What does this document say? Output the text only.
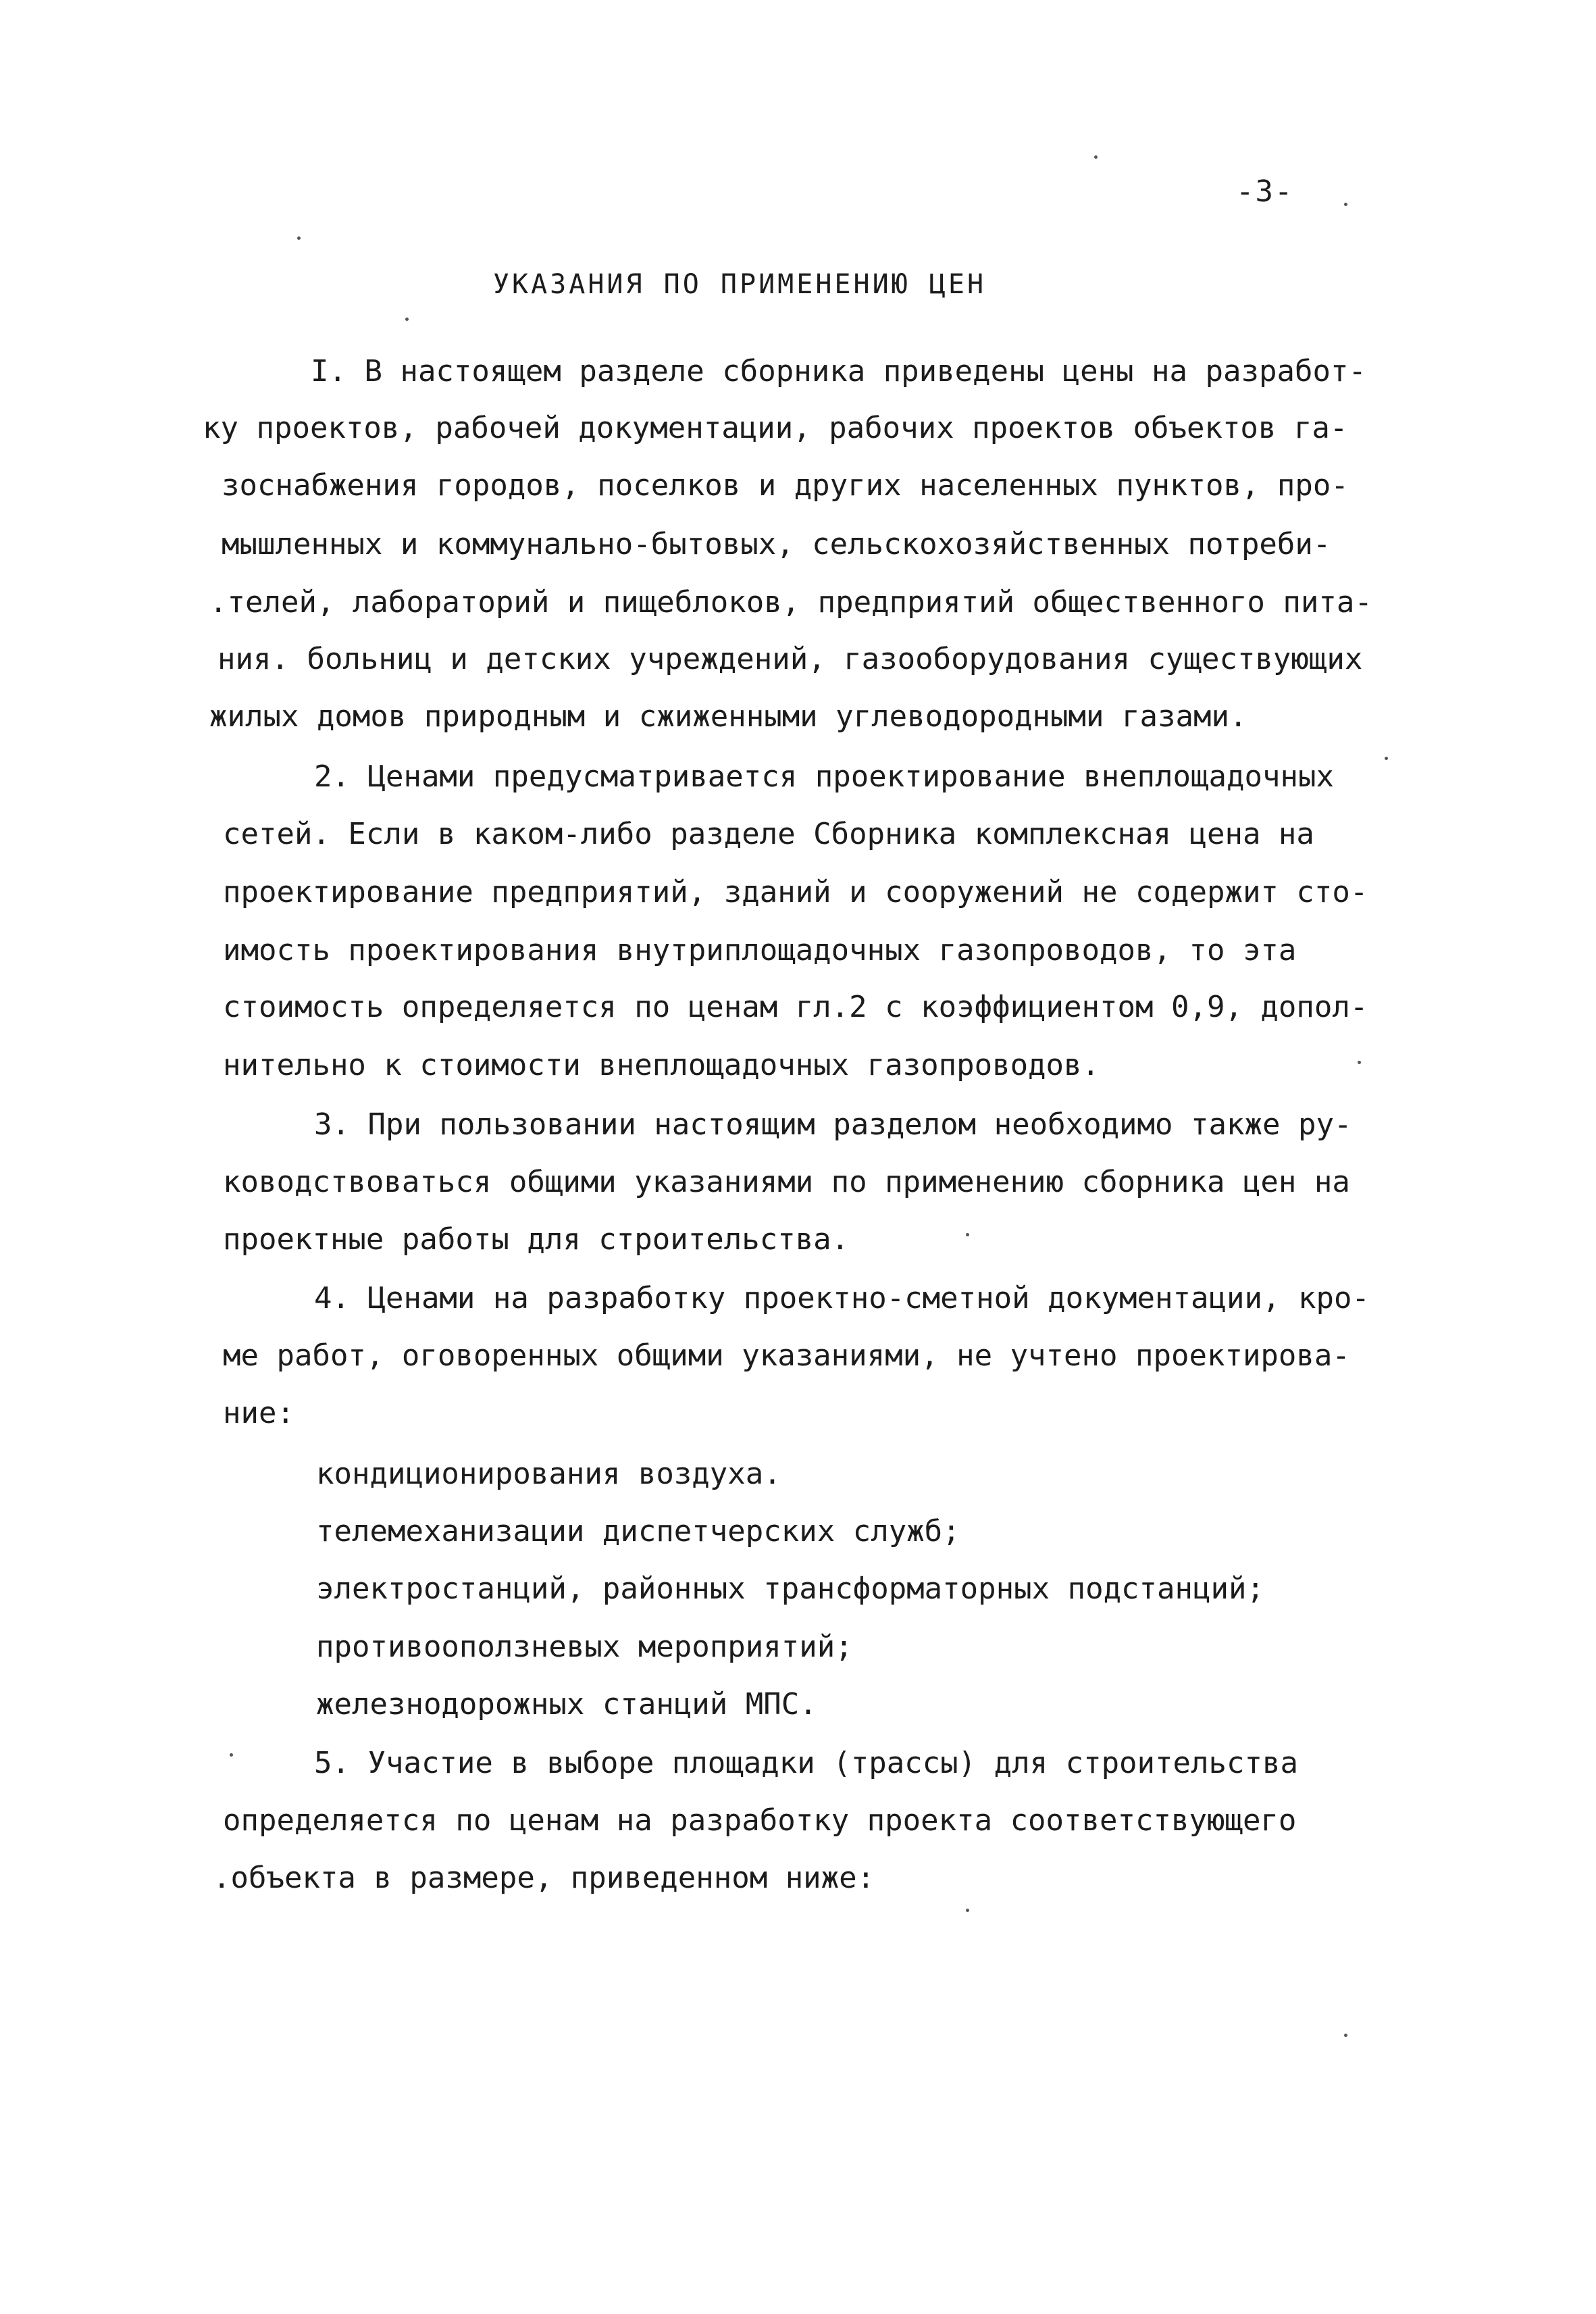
-3-
УКАЗАНИЯ ПО ПРИМЕНЕНИЮ ЦЕН
I. В настоящем разделе сборника приведены цены на разработ-
ку проектов, рабочей документации, рабочих проектов объектов га-
зоснабжения городов, поселков и других населенных пунктов, про-
мышленных и коммунально-бытовых, сельскохозяйственных потреби-
.телей, лабораторий и пищеблоков, предприятий общественного пита-
ния. больниц и детских учреждений, газооборудования существующих
жилых домов природным и сжиженными углеводородными газами.
2. Ценами предусматривается проектирование внеплощадочных
сетей. Если в каком-либо разделе Сборника комплексная цена на
проектирование предприятий, зданий и сооружений не содержит сто-
имость проектирования внутриплощадочных газопроводов, то эта
стоимость определяется по ценам гл.2 с коэффициентом 0,9, допол-
нительно к стоимости внеплощадочных газопроводов.
3. При пользовании настоящим разделом необходимо также ру-
ководствоваться общими указаниями по применению сборника цен на
проектные работы для строительства.
4. Ценами на разработку проектно-сметной документации, кро-
ме работ, оговоренных общими указаниями, не учтено проектирова-
ние:
кондиционирования воздуха.
телемеханизации диспетчерских служб;
электростанций, районных трансформаторных подстанций;
противооползневых мероприятий;
железнодорожных станций МПС.
5. Участие в выборе площадки (трассы) для строительства
определяется по ценам на разработку проекта соответствующего
.объекта в размере, приведенном ниже:
